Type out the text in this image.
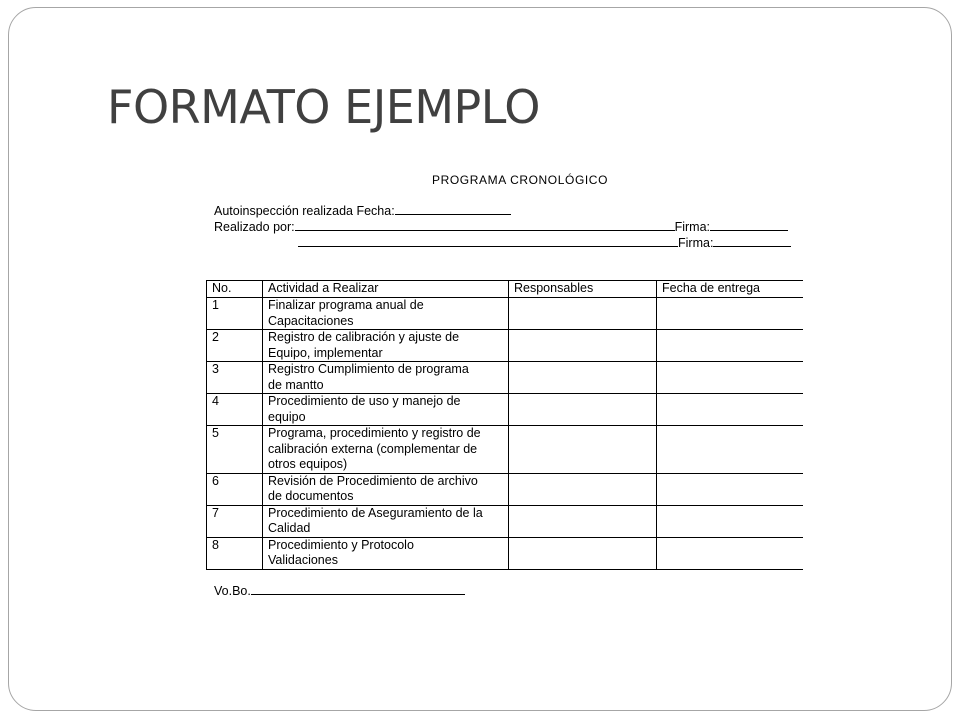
FORMATO EJEMPLO
PROGRAMA CRONOLÓGICO
Autoinspección realizada Fecha:
Realizado por:	Firma:
Firma:
No.	Actividad a Realizar	Responsables	Fecha de entrega
1	Finalizar programa anual de
Capacitaciones		

2	Registro de calibración y ajuste de
Equipo, implementar		

3	Registro Cumplimiento de programa
de mantto		

4	Procedimiento de uso y manejo de
equipo		

5	Programa, procedimiento y registro de
calibración externa (complementar de
otros equipos)		

6	Revisión de Procedimiento de archivo
de documentos		

7	Procedimiento de Aseguramiento de la
Calidad		

8	Procedimiento y Protocolo
Validaciones		

Vo.Bo.
